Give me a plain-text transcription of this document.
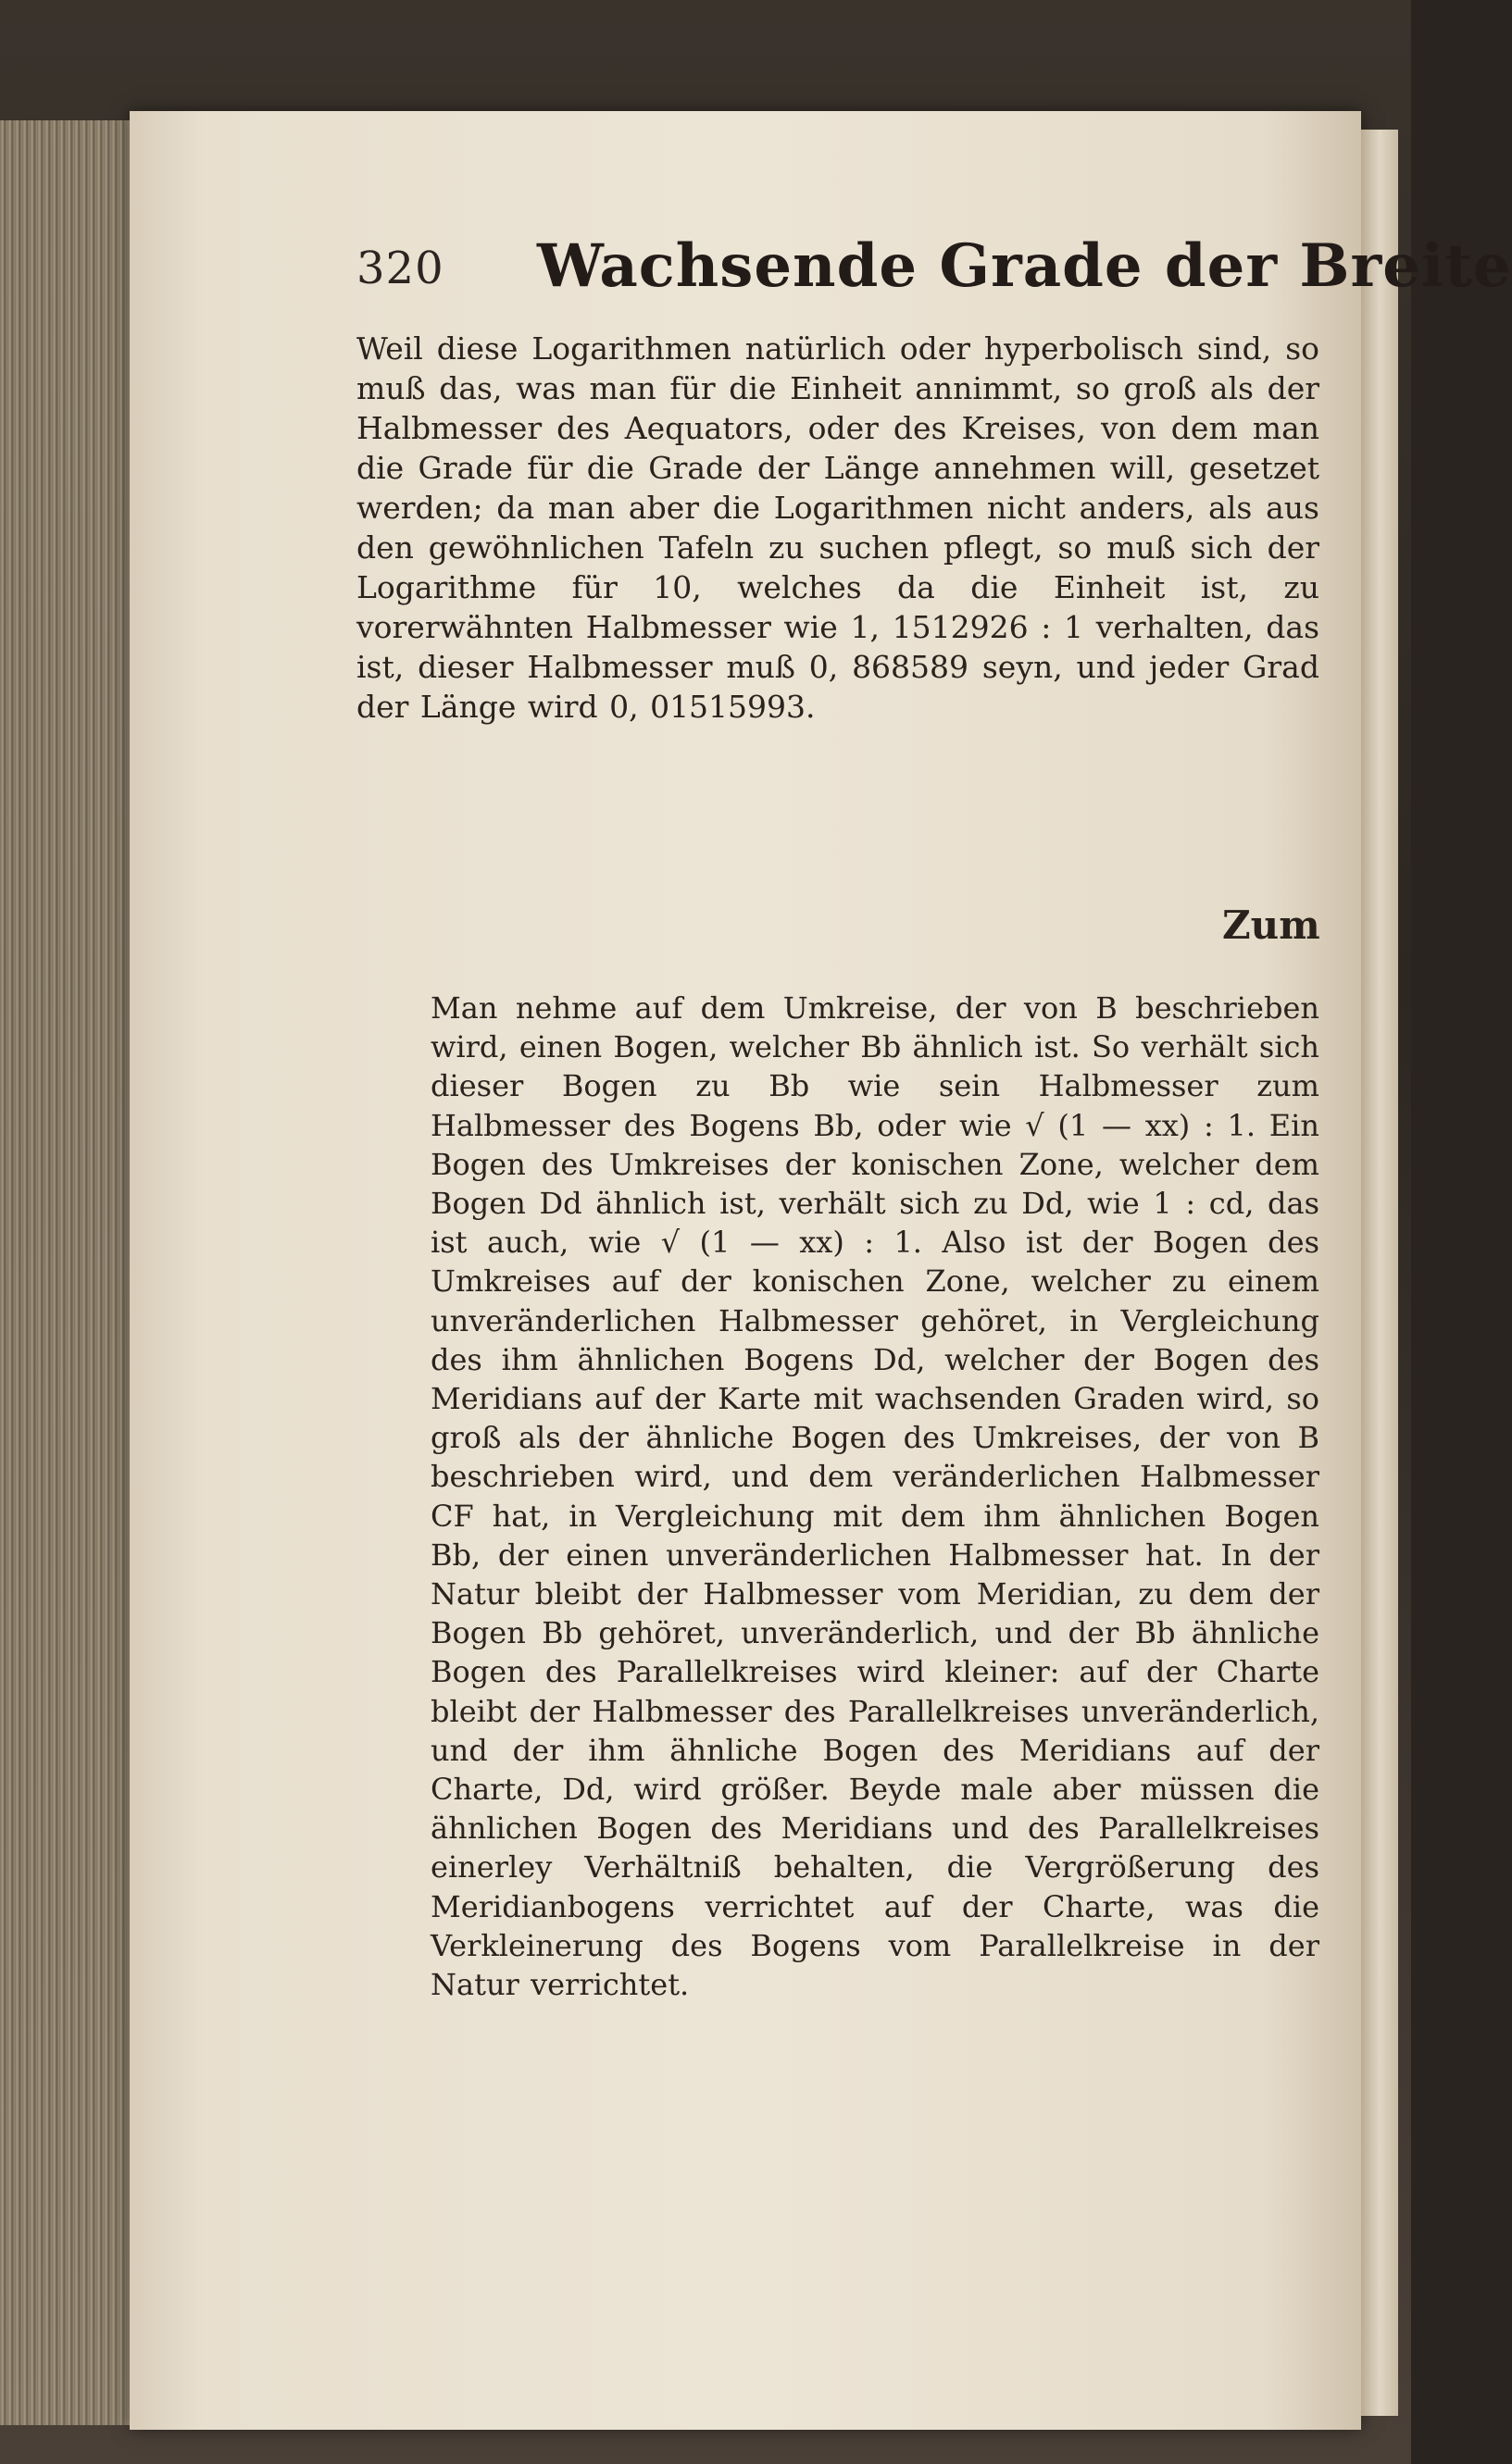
320 Wachsende Grade der Breite
Weil diese Logarithmen natürlich oder hyperbolisch sind, so muß das, was man für die Einheit annimmt, so groß als der Halbmesser des Aequators, oder des Kreises, von dem man die Grade für die Grade der Länge annehmen will, gesetzet werden; da man aber die Logarithmen nicht anders, als aus den gewöhnlichen Tafeln zu suchen pflegt, so muß sich der Logarithme für 10, welches da die Einheit ist, zu vorerwähnten Halbmesser wie 1, 1512926 : 1 verhalten, das ist, dieser Halbmesser muß 0, 868589 seyn, und jeder Grad der Länge wird 0, 01515993.
Zum
Man nehme auf dem Umkreise, der von B beschrieben wird, einen Bogen, welcher Bb ähnlich ist. So verhält sich dieser Bogen zu Bb wie sein Halbmesser zum Halbmesser des Bogens Bb, oder wie √ (1 — xx) : 1. Ein Bogen des Umkreises der konischen Zone, welcher dem Bogen Dd ähnlich ist, verhält sich zu Dd, wie 1 : cd, das ist auch, wie √ (1 — xx) : 1. Also ist der Bogen des Umkreises auf der konischen Zone, welcher zu einem unveränderlichen Halbmesser gehöret, in Vergleichung des ihm ähnlichen Bogens Dd, welcher der Bogen des Meridians auf der Karte mit wachsenden Graden wird, so groß als der ähnliche Bogen des Umkreises, der von B beschrieben wird, und dem veränderlichen Halbmesser CF hat, in Vergleichung mit dem ihm ähnlichen Bogen Bb, der einen unveränderlichen Halbmesser hat. In der Natur bleibt der Halbmesser vom Meridian, zu dem der Bogen Bb gehöret, unveränderlich, und der Bb ähnliche Bogen des Parallelkreises wird kleiner: auf der Charte bleibt der Halbmesser des Parallelkreises unveränderlich, und der ihm ähnliche Bogen des Meridians auf der Charte, Dd, wird größer. Beyde male aber müssen die ähnlichen Bogen des Meridians und des Parallelkreises einerley Verhältniß behalten, die Vergrößerung des Meridianbogens verrichtet auf der Charte, was die Verkleinerung des Bogens vom Parallelkreise in der Natur verrichtet.
